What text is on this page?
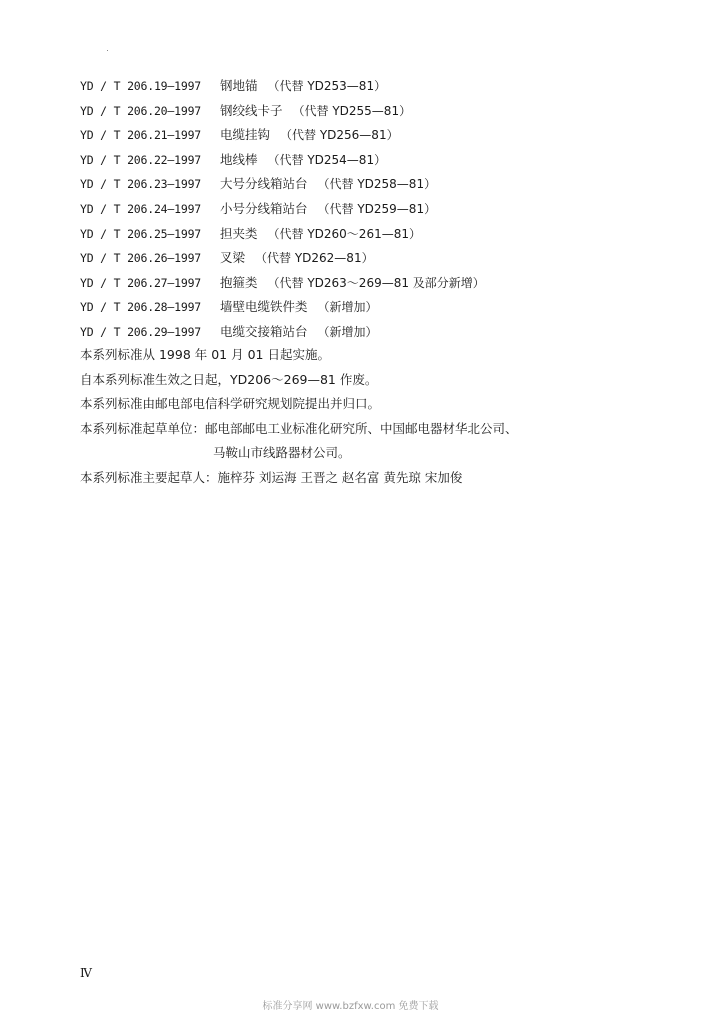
YD / T 206.19—1997 钢地锚 （代替 YD253—81）
YD / T 206.20—1997 钢绞线卡子 （代替 YD255—81）
YD / T 206.21—1997 电缆挂钩 （代替 YD256—81）
YD / T 206.22—1997 地线棒 （代替 YD254—81）
YD / T 206.23—1997 大号分线箱站台 （代替 YD258—81）
YD / T 206.24—1997 小号分线箱站台 （代替 YD259—81）
YD / T 206.25—1997 担夹类 （代替 YD260～261—81）
YD / T 206.26—1997 叉梁 （代替 YD262—81）
YD / T 206.27—1997 抱箍类 （代替 YD263～269—81 及部分新增）
YD / T 206.28—1997 墙壁电缆铁件类 （新增加）
YD / T 206.29—1997 电缆交接箱站台 （新增加）
本系列标准从 1998 年 01 月 01 日起实施。
自本系列标准生效之日起，YD206～269—81 作废。
本系列标准由邮电部电信科学研究规划院提出并归口。
本系列标准起草单位：邮电部邮电工业标准化研究所、中国邮电器材华北公司、
马鞍山市线路器材公司。
本系列标准主要起草人：施梓芬 刘运海 王晋之 赵名富 黄先琼 宋加俊
Ⅳ
标准分享网 www.bzfxw.com 免费下载
